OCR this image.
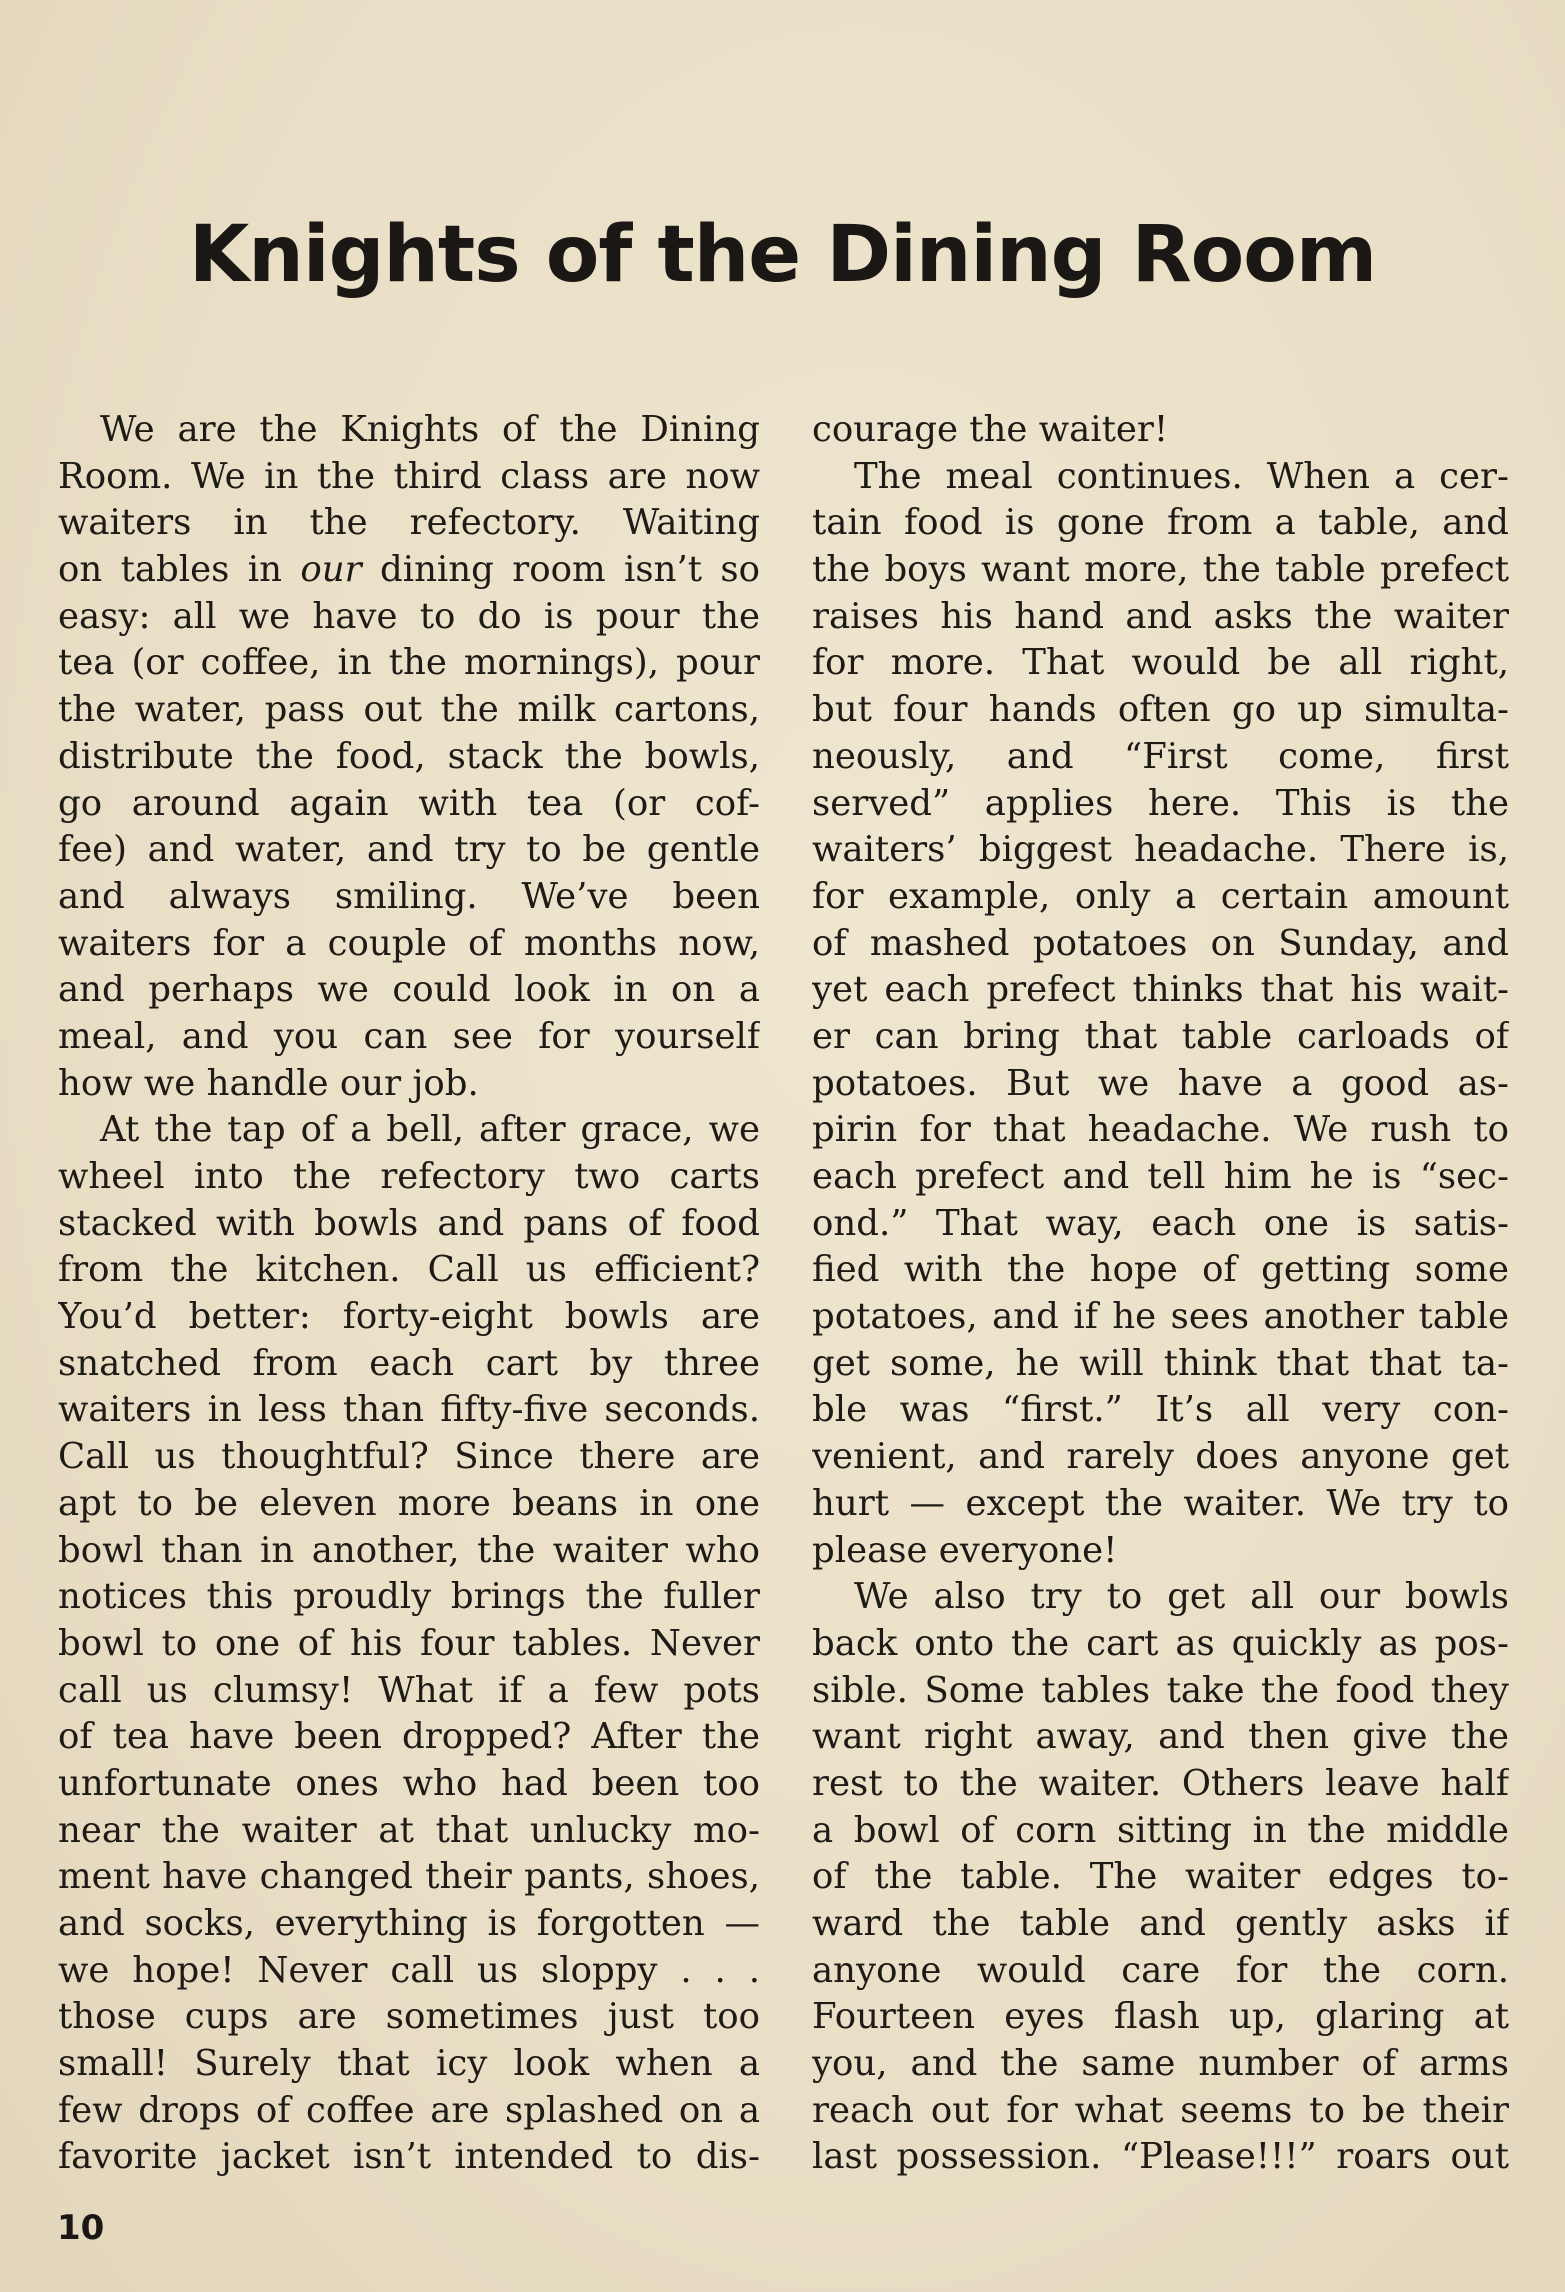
Knights of the Dining Room
We are the Knights of the Dining
Room. We in the third class are now
waiters in the refectory. Waiting
on tables in our dining room isn’t so
easy: all we have to do is pour the
tea (or coffee, in the mornings), pour
the water, pass out the milk cartons,
distribute the food, stack the bowls,
go around again with tea (or cof-
fee) and water, and try to be gentle
and always smiling. We’ve been
waiters for a couple of months now,
and perhaps we could look in on a
meal, and you can see for yourself
how we handle our job.
At the tap of a bell, after grace, we
wheel into the refectory two carts
stacked with bowls and pans of food
from the kitchen. Call us efficient?
You’d better: forty-eight bowls are
snatched from each cart by three
waiters in less than fifty-five seconds.
Call us thoughtful? Since there are
apt to be eleven more beans in one
bowl than in another, the waiter who
notices this proudly brings the fuller
bowl to one of his four tables. Never
call us clumsy! What if a few pots
of tea have been dropped? After the
unfortunate ones who had been too
near the waiter at that unlucky mo-
ment have changed their pants, shoes,
and socks, everything is forgotten —
we hope! Never call us sloppy . . .
those cups are sometimes just too
small! Surely that icy look when a
few drops of coffee are splashed on a
favorite jacket isn’t intended to dis-
courage the waiter!
The meal continues. When a cer-
tain food is gone from a table, and
the boys want more, the table prefect
raises his hand and asks the waiter
for more. That would be all right,
but four hands often go up simulta-
neously, and “First come, first
served” applies here. This is the
waiters’ biggest headache. There is,
for example, only a certain amount
of mashed potatoes on Sunday, and
yet each prefect thinks that his wait-
er can bring that table carloads of
potatoes. But we have a good as-
pirin for that headache. We rush to
each prefect and tell him he is “sec-
ond.” That way, each one is satis-
fied with the hope of getting some
potatoes, and if he sees another table
get some, he will think that that ta-
ble was “first.” It’s all very con-
venient, and rarely does anyone get
hurt — except the waiter. We try to
please everyone!
We also try to get all our bowls
back onto the cart as quickly as pos-
sible. Some tables take the food they
want right away, and then give the
rest to the waiter. Others leave half
a bowl of corn sitting in the middle
of the table. The waiter edges to-
ward the table and gently asks if
anyone would care for the corn.
Fourteen eyes flash up, glaring at
you, and the same number of arms
reach out for what seems to be their
last possession. “Please!!!” roars out
10
